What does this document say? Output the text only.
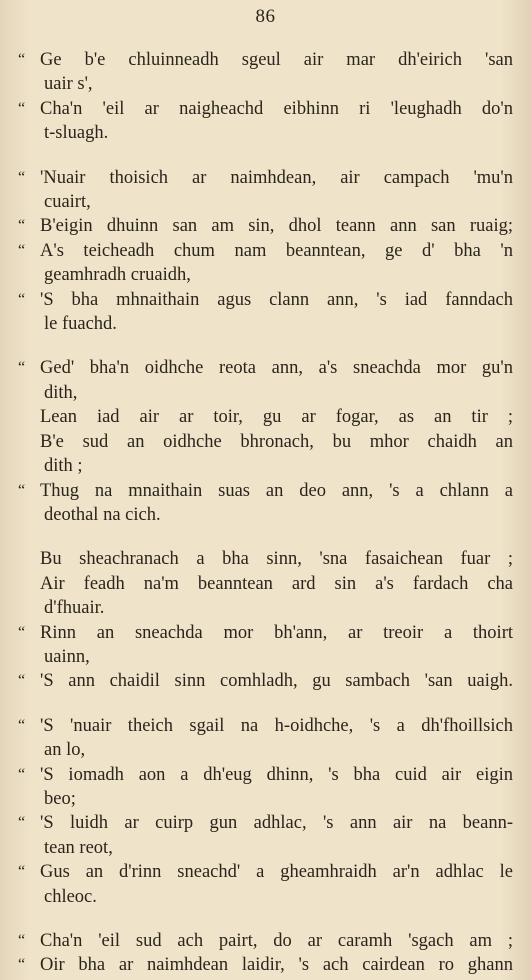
86
“ Ge b'e chluinneadh sgeul air mar dh'eirich 'san
uair s',
“ Cha'n 'eil ar naigheachd eibhinn ri 'leughadh do'n
t-sluagh.
“ 'Nuair thoisich ar naimhdean, air campach 'mu'n
cuairt,
“ B'eigin dhuinn san am sin, dhol teann ann san ruaig;
“ A's teicheadh chum nam beanntean, ge d' bha 'n
geamhradh cruaidh,
“ 'S bha mhnaithain agus clann ann, 's iad fanndach
le fuachd.
“ Ged' bha'n oidhche reota ann, a's sneachda mor gu'n
dith,
Lean iad air ar toir, gu ar fogar, as an tir ;
B'e sud an oidhche bhronach, bu mhor chaidh an
dith ;
“ Thug na mnaithain suas an deo ann, 's a chlann a
deothal na cich.
Bu sheachranach a bha sinn, 'sna fasaichean fuar ;
Air feadh na'm beanntean ard sin a's fardach cha
d'fhuair.
“ Rinn an sneachda mor bh'ann, ar treoir a thoirt
uainn,
“ 'S ann chaidil sinn comhladh, gu sambach 'san uaigh.
“ 'S 'nuair theich sgail na h-oidhche, 's a dh'fhoillsich
an lo,
“ 'S iomadh aon a dh'eug dhinn, 's bha cuid air eigin
beo;
“ 'S luidh ar cuirp gun adhlac, 's ann air na beann-
tean reot,
“ Gus an d'rinn sneachd' a gheamhraidh ar'n adhlac le
chleoc.
“ Cha'n 'eil sud ach pairt, do ar caramh 'sgach am ;
“ Oir bha ar naimhdean laidir, 's ach cairdean ro ghann
